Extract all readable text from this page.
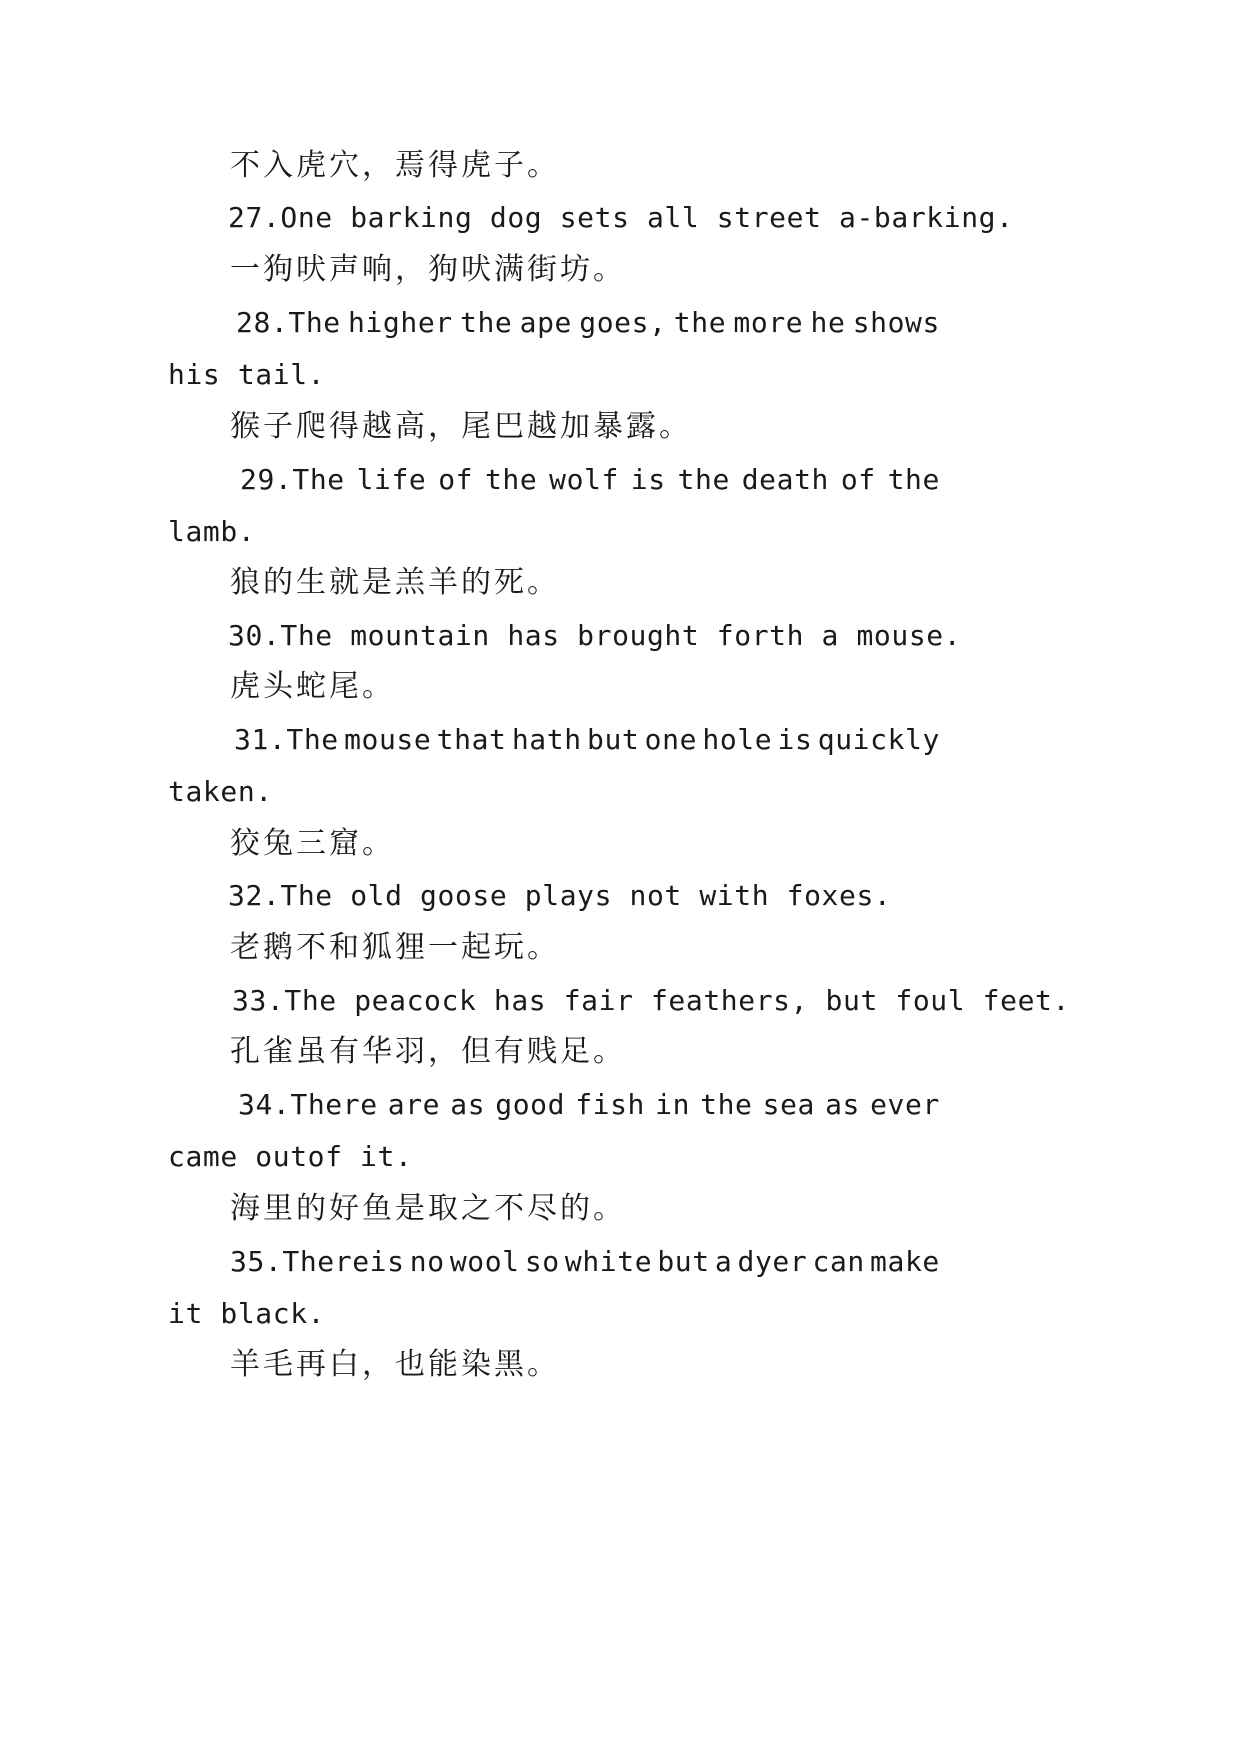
不入虎穴，焉得虎子。
27.One barking dog sets all street a-barking.
一狗吠声响，狗吠满街坊。
28.The higher the ape goes, the more he shows
his tail.
猴子爬得越高，尾巴越加暴露。
29.The life of the wolf is the death of the
lamb.
狼的生就是羔羊的死。
30.The mountain has brought forth a mouse.
虎头蛇尾。
31.The mouse that hath but one hole is quickly
taken.
狡兔三窟。
32.The old goose plays not with foxes.
老鹅不和狐狸一起玩。
33.The peacock has fair feathers, but foul feet.
孔雀虽有华羽，但有贱足。
34.There are as good fish in the sea as ever
came outof it.
海里的好鱼是取之不尽的。
35.Thereis no wool so white but a dyer can make
it black.
羊毛再白，也能染黑。
